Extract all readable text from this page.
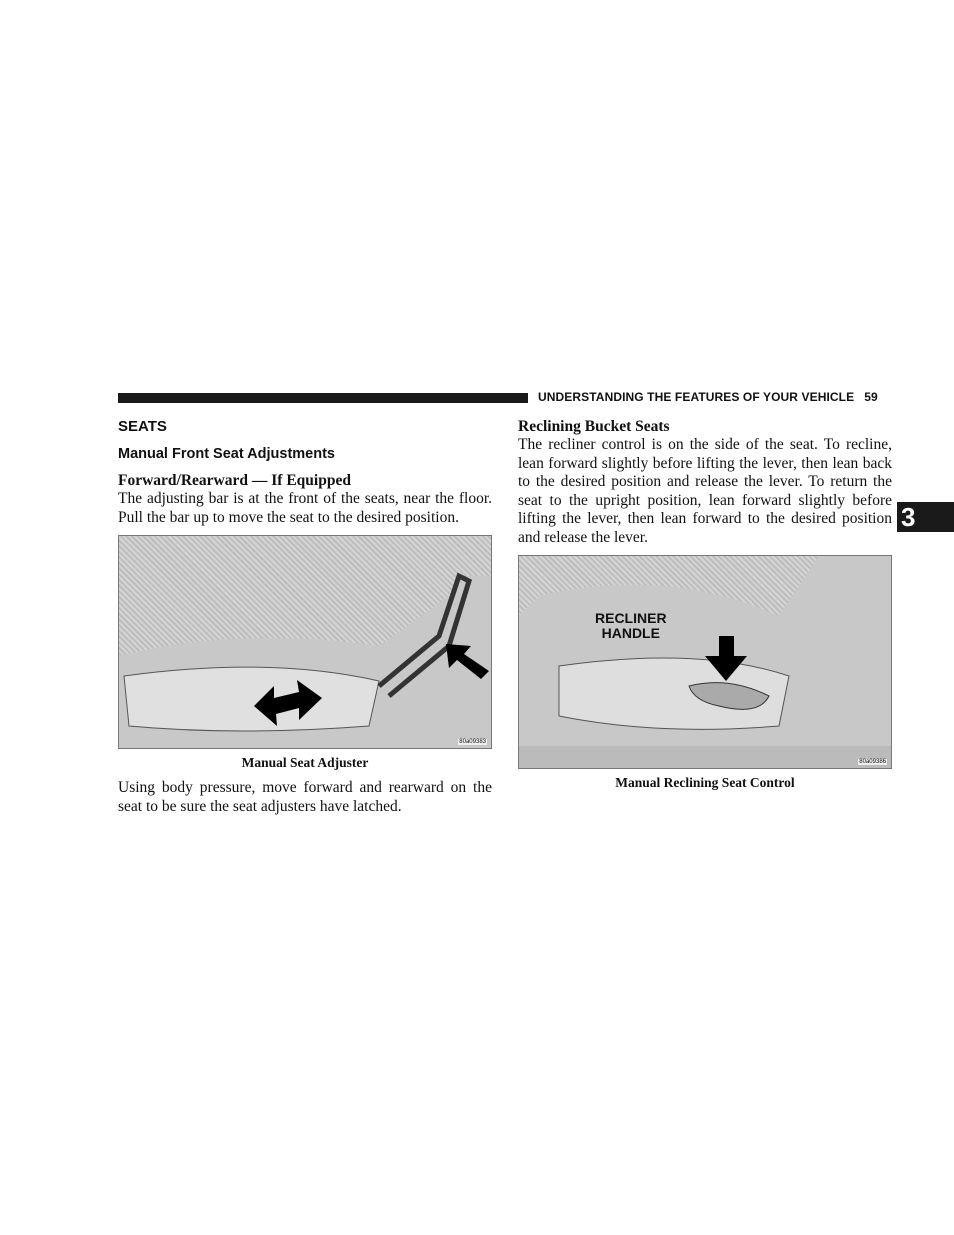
UNDERSTANDING THE FEATURES OF YOUR VEHICLE 59
3
SEATS
Manual Front Seat Adjustments
Forward/Rearward — If Equipped

The adjusting bar is at the front of the seats, near the floor. Pull the bar up to move the seat to the desired position.

80a09383
Manual Seat Adjuster

Using body pressure, move forward and rearward on the seat to be sure the seat adjusters have latched.

Reclining Bucket Seats

The recliner control is on the side of the seat. To recline, lean forward slightly before lifting the lever, then lean back to the desired position and release the lever. To return the seat to the upright position, lean forward slightly before lifting the lever, then lean forward to the desired position and release the lever.

RECLINER
HANDLE
80a09386
Manual Reclining Seat Control
